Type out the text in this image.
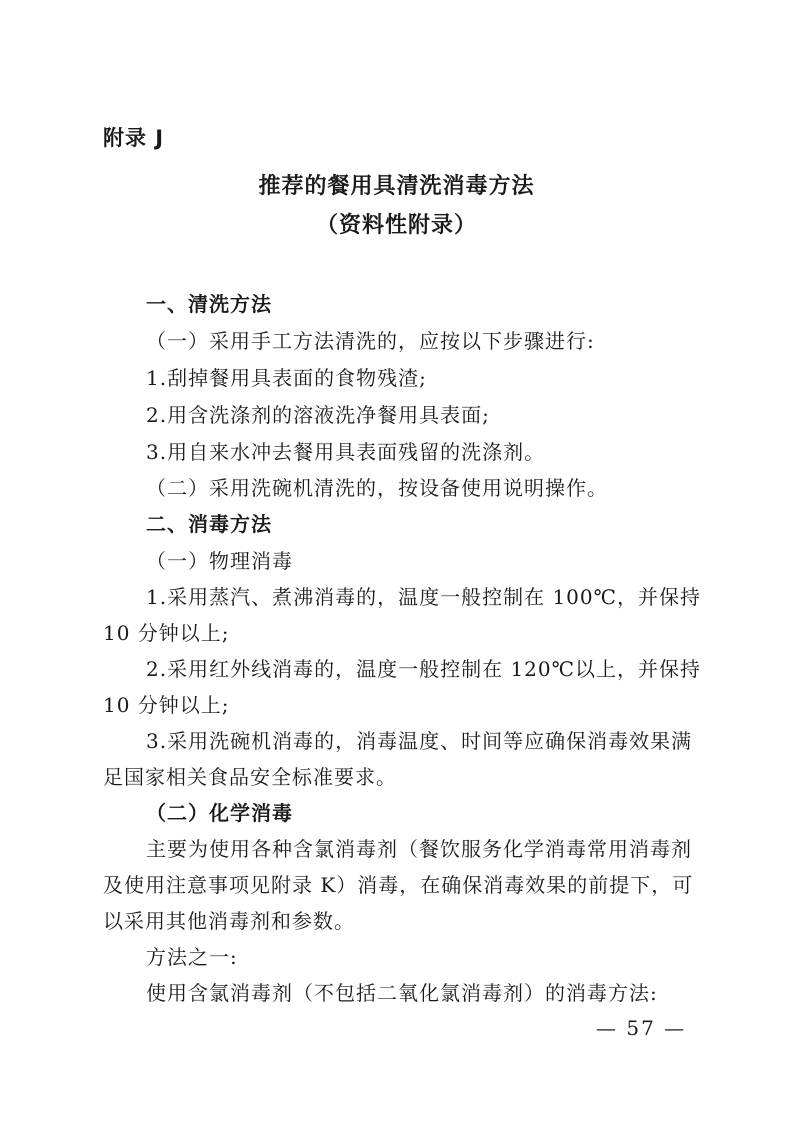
附录 J
推荐的餐用具清洗消毒方法
（资料性附录）
一、清洗方法
（一）采用手工方法清洗的，应按以下步骤进行:
1.刮掉餐用具表面的食物残渣;
2.用含洗涤剂的溶液洗净餐用具表面;
3.用自来水冲去餐用具表面残留的洗涤剂。
（二）采用洗碗机清洗的，按设备使用说明操作。
二、消毒方法
（一）物理消毒
1.采用蒸汽、煮沸消毒的，温度一般控制在 100℃，并保持
10 分钟以上;
2.采用红外线消毒的，温度一般控制在 120℃以上，并保持
10 分钟以上;
3.采用洗碗机消毒的，消毒温度、时间等应确保消毒效果满
足国家相关食品安全标准要求。
（二）化学消毒
主要为使用各种含氯消毒剂（餐饮服务化学消毒常用消毒剂
及使用注意事项见附录 K）消毒，在确保消毒效果的前提下，可
以采用其他消毒剂和参数。
方法之一:
使用含氯消毒剂（不包括二氧化氯消毒剂）的消毒方法:
— 57 —
